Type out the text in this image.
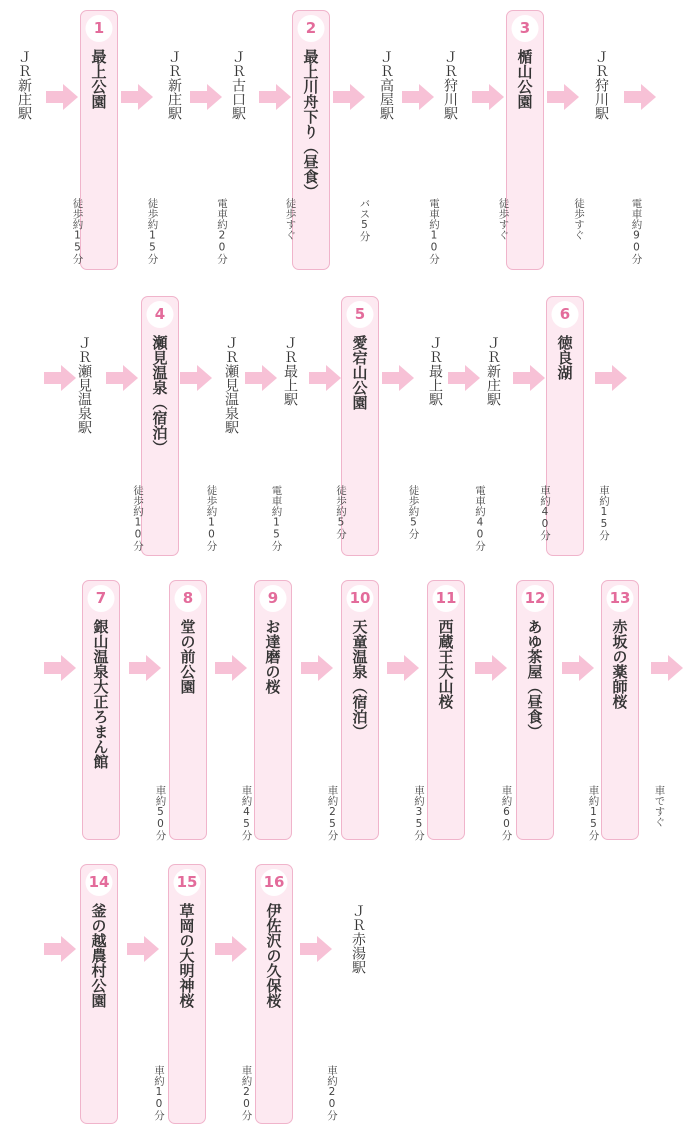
ＪＲ新庄駅
1
最上公園
徒歩約15分
ＪＲ新庄駅
徒歩約15分
ＪＲ古口駅
電車約20分
2
最上川舟下り（昼食）
徒歩すぐ
ＪＲ高屋駅
バス5分
ＪＲ狩川駅
電車約10分
3
楯山公園
徒歩すぐ
ＪＲ狩川駅
徒歩すぐ	電車約90分
ＪＲ瀬見温泉駅
4
瀬見温泉（宿泊）
徒歩約10分
ＪＲ瀬見温泉駅
徒歩約10分
ＪＲ最上駅
電車約15分
5
愛宕山公園
徒歩約5分
ＪＲ最上駅
徒歩約5分
ＪＲ新庄駅
電車約40分
6
徳良湖
車約40分	車約15分
7
銀山温泉大正ろまん館
8
堂の前公園
車約50分
9
お達磨の桜
車約45分
10
天童温泉（宿泊）
車約25分
11
西蔵王大山桜
車約35分
12
あゆ茶屋（昼食）
車約60分
13
赤坂の薬師桜
車約15分	車ですぐ
14
釜の越農村公園
15
草岡の大明神桜
車約10分
16
伊佐沢の久保桜
車約20分
ＪＲ赤湯駅
車約20分
